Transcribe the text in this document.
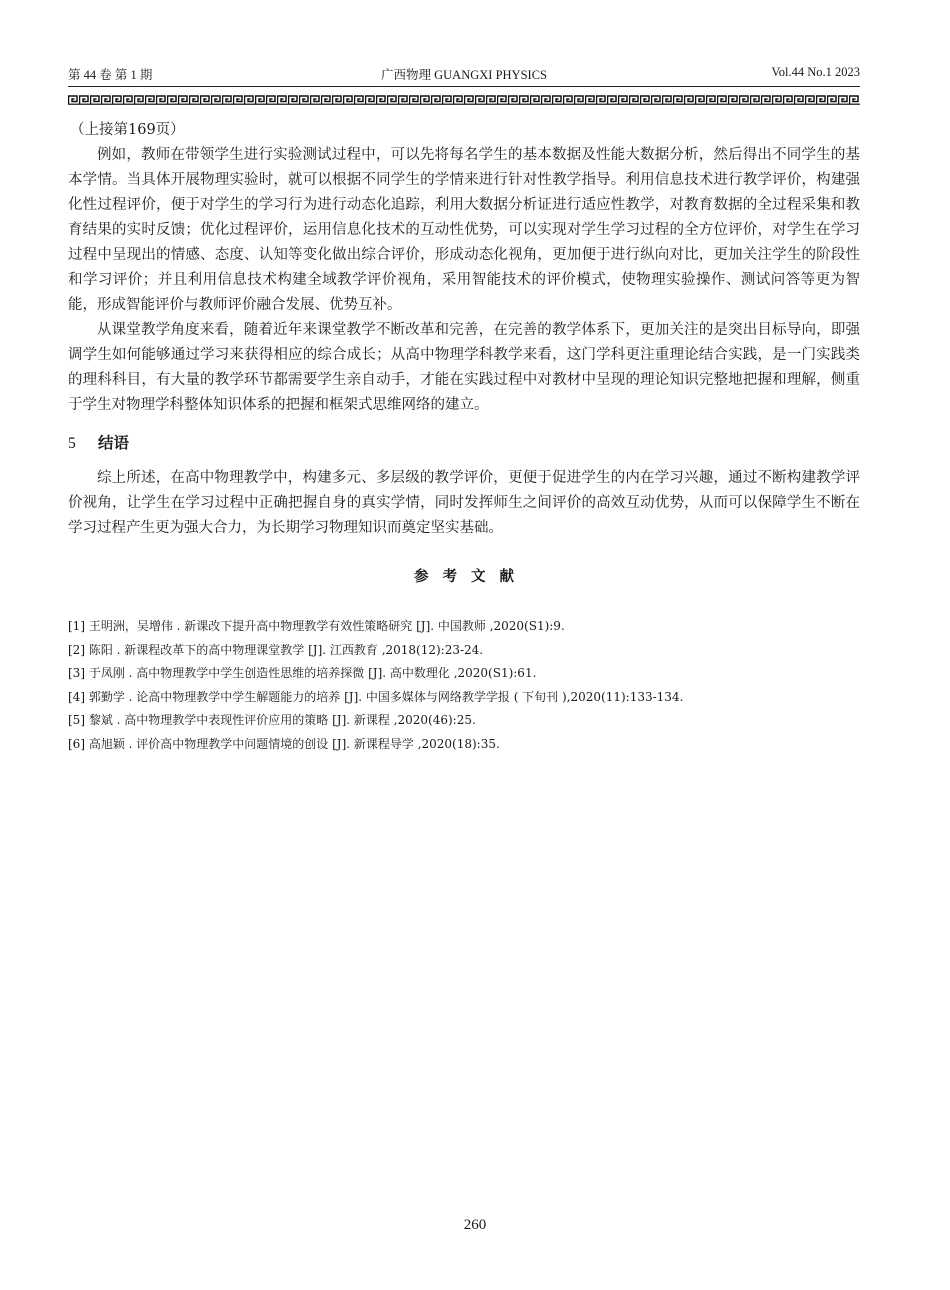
第 44 卷 第 1 期	广西物理 GUANGXI PHYSICS	Vol.44 No.1 2023

（上接第169页）

例如，教师在带领学生进行实验测试过程中，可以先将每名学生的基本数据及性能大数据分析，然后得出不同学生的基本学情。当具体开展物理实验时，就可以根据不同学生的学情来进行针对性教学指导。利用信息技术进行教学评价，构建强化性过程评价，便于对学生的学习行为进行动态化追踪，利用大数据分析证进行适应性教学，对教育数据的全过程采集和教育结果的实时反馈；优化过程评价，运用信息化技术的互动性优势，可以实现对学生学习过程的全方位评价，对学生在学习过程中呈现出的情感、态度、认知等变化做出综合评价，形成动态化视角，更加便于进行纵向对比，更加关注学生的阶段性和学习评价；并且利用信息技术构建全域教学评价视角，采用智能技术的评价模式，使物理实验操作、测试问答等更为智能，形成智能评价与教师评价融合发展、优势互补。

从课堂教学角度来看，随着近年来课堂教学不断改革和完善，在完善的教学体系下，更加关注的是突出目标导向，即强调学生如何能够通过学习来获得相应的综合成长；从高中物理学科教学来看，这门学科更注重理论结合实践，是一门实践类的理科科目，有大量的教学环节都需要学生亲自动手，才能在实践过程中对教材中呈现的理论知识完整地把握和理解，侧重于学生对物理学科整体知识体系的把握和框架式思维网络的建立。

5 结语

综上所述，在高中物理教学中，构建多元、多层级的教学评价，更便于促进学生的内在学习兴趣，通过不断构建教学评价视角，让学生在学习过程中正确把握自身的真实学情，同时发挥师生之间评价的高效互动优势，从而可以保障学生不断在学习过程产生更为强大合力，为长期学习物理知识而奠定坚实基础。

参考文献
[1] 王明洲，吴增伟 . 新课改下提升高中物理教学有效性策略研究 [J]. 中国教师 ,2020(S1):9.
[2] 陈阳 . 新课程改革下的高中物理课堂教学 [J]. 江西教育 ,2018(12):23-24.
[3] 于凤刚 . 高中物理教学中学生创造性思维的培养探微 [J]. 高中数理化 ,2020(S1):61.
[4] 郭勤学 . 论高中物理教学中学生解题能力的培养 [J]. 中国多媒体与网络教学学报 ( 下旬刊 ),2020(11):133-134.
[5] 黎斌 . 高中物理教学中表现性评价应用的策略 [J]. 新课程 ,2020(46):25.
[6] 高旭颖 . 评价高中物理教学中问题情境的创设 [J]. 新课程导学 ,2020(18):35.
260
